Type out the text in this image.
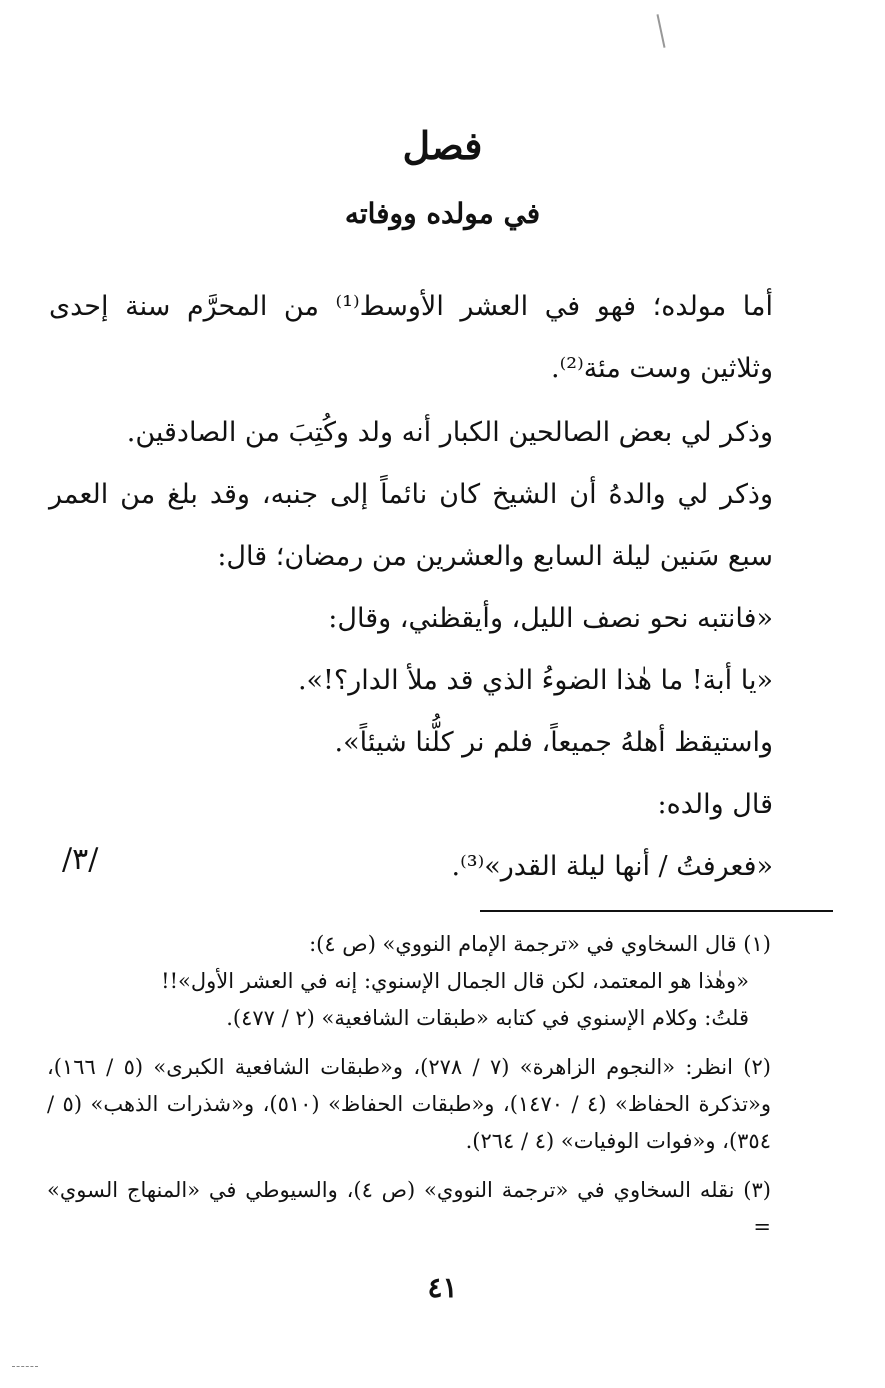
فصل
في مولده ووفاته

أما مولده؛ فهو في العشر الأوسط⁽¹⁾ من المحرَّم سنة إحدى وثلاثين وست مئة⁽²⁾.

وذكر لي بعض الصالحين الكبار أنه ولد وكُتِبَ من الصادقين.

وذكر لي والدهُ أن الشيخ كان نائماً إلى جنبه، وقد بلغ من العمر سبع سَنين ليلة السابع والعشرين من رمضان؛ قال:

«فانتبه نحو نصف الليل، وأيقظني، وقال:

«يا أبة! ما هٰذا الضوءُ الذي قد ملأ الدار؟!».

واستيقظ أهلهُ جميعاً، فلم نر كلُّنا شيئاً».

قال والده:

«فعرفتُ / أنها ليلة القدر»⁽³⁾.

/٣/

(١) قال السخاوي في «ترجمة الإمام النووي» (ص ٤):

«وهٰذا هو المعتمد، لكن قال الجمال الإسنوي: إنه في العشر الأول»!!

قلتُ: وكلام الإسنوي في كتابه «طبقات الشافعية» (٢ / ٤٧٧).

(٢) انظر: «النجوم الزاهرة» (٧ / ٢٧٨)، و«طبقات الشافعية الكبرى» (٥ / ١٦٦)، و«تذكرة الحفاظ» (٤ / ١٤٧٠)، و«طبقات الحفاظ» (٥١٠)، و«شذرات الذهب» (٥ / ٣٥٤)، و«فوات الوفيات» (٤ / ٢٦٤).

(٣) نقله السخاوي في «ترجمة النووي» (ص ٤)، والسيوطي في «المنهاج السوي» =

٤١
